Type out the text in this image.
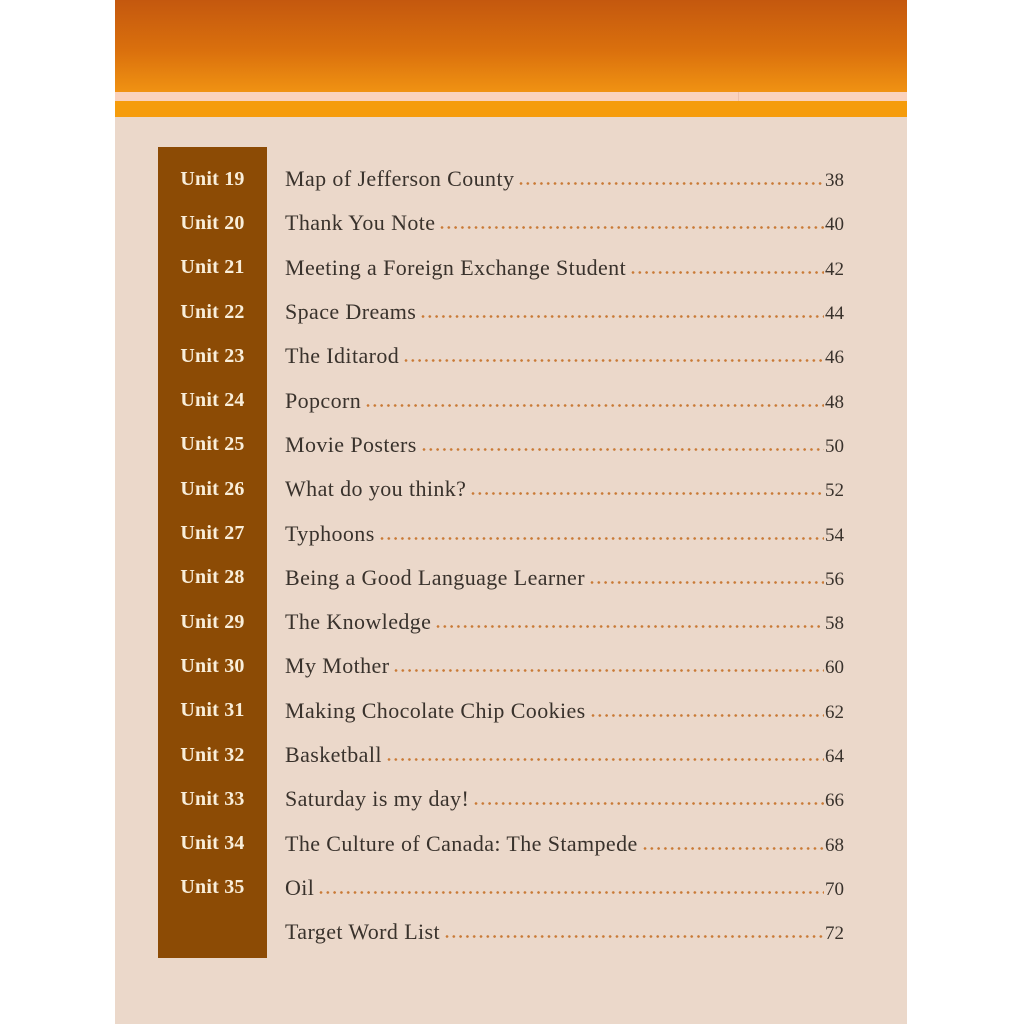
Unit 19	Map of Jefferson County	38
Unit 20	Thank You Note	40
Unit 21	Meeting a Foreign Exchange Student	42
Unit 22	Space Dreams	44
Unit 23	The Iditarod	46
Unit 24	Popcorn	48
Unit 25	Movie Posters	50
Unit 26	What do you think?	52
Unit 27	Typhoons	54
Unit 28	Being a Good Language Learner	56
Unit 29	The Knowledge	58
Unit 30	My Mother	60
Unit 31	Making Chocolate Chip Cookies	62
Unit 32	Basketball	64
Unit 33	Saturday is my day!	66
Unit 34	The Culture of Canada: The Stampede	68
Unit 35	Oil	70
Target Word List	72
